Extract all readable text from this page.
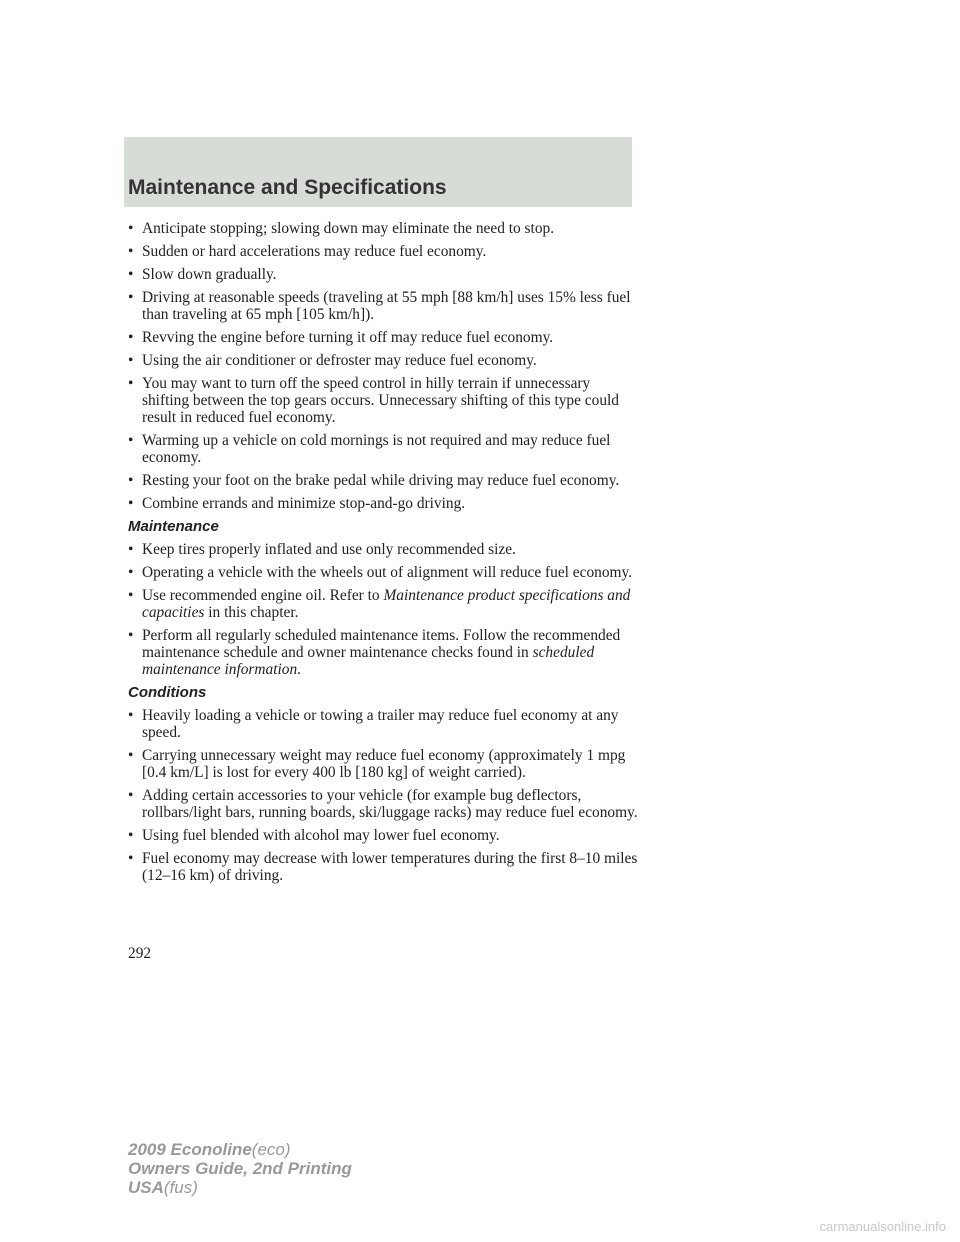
Maintenance and Specifications
• Anticipate stopping; slowing down may eliminate the need to stop.
• Sudden or hard accelerations may reduce fuel economy.
• Slow down gradually.
• Driving at reasonable speeds (traveling at 55 mph [88 km/h] uses 15% less fuel than traveling at 65 mph [105 km/h]).
• Revving the engine before turning it off may reduce fuel economy.
• Using the air conditioner or defroster may reduce fuel economy.
• You may want to turn off the speed control in hilly terrain if unnecessary shifting between the top gears occurs. Unnecessary shifting of this type could result in reduced fuel economy.
• Warming up a vehicle on cold mornings is not required and may reduce fuel economy.
• Resting your foot on the brake pedal while driving may reduce fuel economy.
• Combine errands and minimize stop-and-go driving.
Maintenance
• Keep tires properly inflated and use only recommended size.
• Operating a vehicle with the wheels out of alignment will reduce fuel economy.
• Use recommended engine oil. Refer to Maintenance product specifications and capacities in this chapter.
• Perform all regularly scheduled maintenance items. Follow the recommended maintenance schedule and owner maintenance checks found in scheduled maintenance information.
Conditions
• Heavily loading a vehicle or towing a trailer may reduce fuel economy at any speed.
• Carrying unnecessary weight may reduce fuel economy (approximately 1 mpg [0.4 km/L] is lost for every 400 lb [180 kg] of weight carried).
• Adding certain accessories to your vehicle (for example bug deflectors, rollbars/light bars, running boards, ski/luggage racks) may reduce fuel economy.
• Using fuel blended with alcohol may lower fuel economy.
• Fuel economy may decrease with lower temperatures during the first 8–10 miles (12–16 km) of driving.
292
2009 Econoline(eco)
Owners Guide, 2nd Printing
USA(fus)
carmanualsonline.info
